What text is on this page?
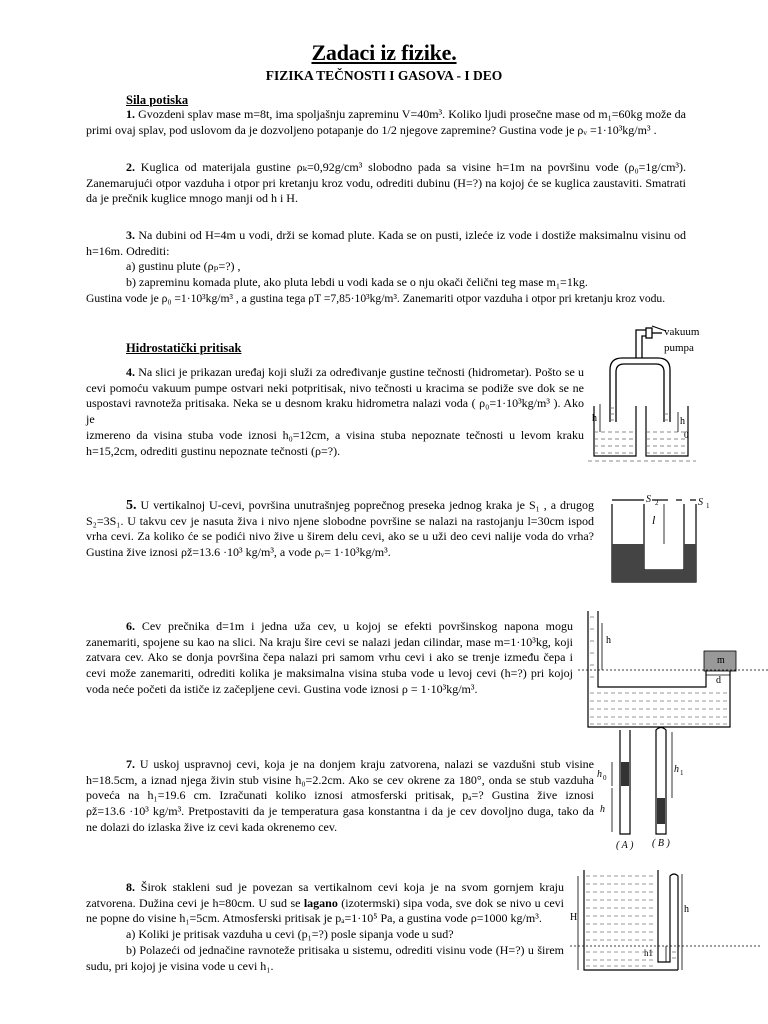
Zadaci iz fizike.
FIZIKA TEČNOSTI I GASOVA - I DEO
Sila potiska
1. Gvozdeni splav mase m=8t, ima spoljašnju zapreminu V=40m³. Koliko ljudi prosečne mase od m₁=60kg može da
primi ovaj splav, pod uslovom da je dozvoljeno potapanje do 1/2 njegove zapremine? Gustina vode je ρᵥ =1·10³kg/m³ .
2. Kuglica od materijala gustine ρₖ=0,92g/cm³ slobodno pada sa visine h=1m na površinu vode (ρ₀=1g/cm³).
Zanemarujući otpor vazduha i otpor pri kretanju kroz vodu, odrediti dubinu (H=?) na kojoj će se kuglica zaustaviti. Smatrati
da je prečnik kuglice mnogo manji od h i H.
3. Na dubini od H=4m u vodi, drži se komad plute. Kada se on pusti, izleće iz vode i dostiže maksimalnu visinu od
h=16m. Odrediti:
a) gustinu plute (ρₚ=?) ,
b) zapreminu komada plute, ako pluta lebdi u vodi kada se o nju okači čelični teg mase m₁=1kg.
Gustina vode je ρ₀ =1·10³kg/m³ , a gustina tega ρT =7,85·10³kg/m³. Zanemariti otpor vazduha i otpor pri kretanju kroz vodu.
Hidrostatički pritisak
4. Na slici je prikazan uređaj koji služi za određivanje gustine tečnosti (hidrometar). Pošto se u
cevi pomoću vakuum pumpe ostvari neki potpritisak, nivo tečnosti u kracima se podiže sve dok se ne
uspostavi ravnoteža pritisaka. Neka se u desnom kraku hidrometra nalazi voda ( ρ₀=1·10³kg/m³ ). Ako je
izmereno da visina stuba vode iznosi h₀=12cm, a visina stuba nepoznate tečnosti u levom kraku
h=15,2cm, odrediti gustinu nepoznate tečnosti (ρ=?).
5. U vertikalnoj U-cevi, površina unutrašnjeg poprečnog preseka jednog kraka je S₁ , a drugog
S₂=3S₁. U takvu cev je nasuta živa i nivo njene slobodne površine se nalazi na rastojanju l=30cm ispod
vrha cevi. Za koliko će se podići nivo žive u širem delu cevi, ako se u uži deo cevi nalije voda do vrha?
Gustina žive iznosi ρž=13.6 ·10³ kg/m³, a vode ρᵥ= 1·10³kg/m³.
6. Cev prečnika d=1m i jedna uža cev, u kojoj se efekti površinskog napona mogu
zanemariti, spojene su kao na slici. Na kraju šire cevi se nalazi jedan cilindar, mase m=1·10³kg, koji
zatvara cev. Ako se donja površina čepa nalazi pri samom vrhu cevi i ako se trenje između čepa i
cevi može zanemariti, odrediti kolika je maksimalna visina stuba vode u levoj cevi (h=?) pri kojoj
voda neće početi da ističe iz začepljene cevi. Gustina vode iznosi ρ = 1·10³kg/m³.
7. U uskoj uspravnoj cevi, koja je na donjem kraju zatvorena, nalazi se vazdušni stub visine
h=18.5cm, a iznad njega živin stub visine h₀=2.2cm. Ako se cev okrene za 180°, onda se stub vazduha
poveća na h₁=19.6 cm. Izračunati koliko iznosi atmosferski pritisak, pₐ=? Gustina žive iznosi
ρž=13.6 ·10³ kg/m³. Pretpostaviti da je temperatura gasa konstantna i da je cev dovoljno duga, tako da
ne dolazi do izlaska žive iz cevi kada okrenemo cev.
8. Širok stakleni sud je povezan sa vertikalnom cevi koja je na svom gornjem kraju
zatvorena. Dužina cevi je h=80cm. U sud se lagano (izotermski) sipa voda, sve dok se nivo u cevi
ne popne do visine h₁=5cm. Atmosferski pritisak je pₐ=1·10⁵ Pa, a gustina vode ρ=1000 kg/m³.
a) Koliki je pritisak vazduha u cevi (p₁=?) posle sipanja vode u sud?
b) Polazeći od jednačine ravnoteže pritisaka u sistemu, odrediti visinu vode (H=?) u širem
sudu, pri kojoj je visina vode u cevi h₁.
vakuum
pumpa
h	h
0
l
S 2	S 1
m
h
d
h 0
h
h 1
( A ) ( B )
H
h
h1
